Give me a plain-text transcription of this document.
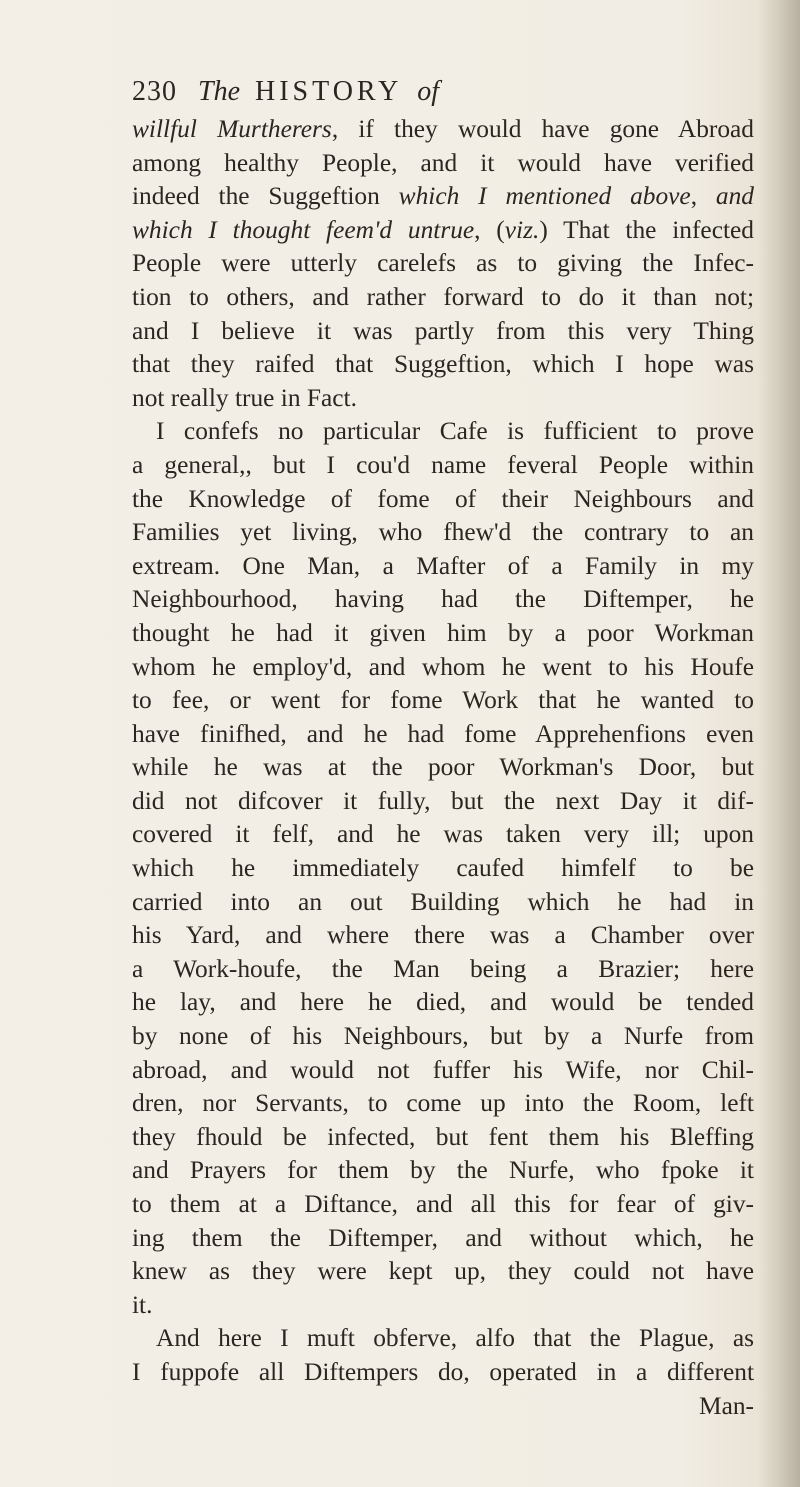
230 The HISTORY of
willful Murtherers, if they would have gone Abroad
among healthy People, and it would have verified
indeed the Suggeftion which I mentioned above, and
which I thought feem'd untrue, (viz.) That the infected
People were utterly carelefs as to giving the Infec-
tion to others, and rather forward to do it than not;
and I believe it was partly from this very Thing
that they raifed that Suggeftion, which I hope was
not really true in Fact.
I confefs no particular Cafe is fufficient to prove
a general,, but I cou'd name feveral People within
the Knowledge of fome of their Neighbours and
Families yet living, who fhew'd the contrary to an
extream. One Man, a Mafter of a Family in my
Neighbourhood, having had the Diftemper, he
thought he had it given him by a poor Workman
whom he employ'd, and whom he went to his Houfe
to fee, or went for fome Work that he wanted to
have finifhed, and he had fome Apprehenfions even
while he was at the poor Workman's Door, but
did not difcover it fully, but the next Day it dif-
covered it felf, and he was taken very ill; upon
which he immediately caufed himfelf to be
carried into an out Building which he had in
his Yard, and where there was a Chamber over
a Work-houfe, the Man being a Brazier; here
he lay, and here he died, and would be tended
by none of his Neighbours, but by a Nurfe from
abroad, and would not fuffer his Wife, nor Chil-
dren, nor Servants, to come up into the Room, left
they fhould be infected, but fent them his Bleffing
and Prayers for them by the Nurfe, who fpoke it
to them at a Diftance, and all this for fear of giv-
ing them the Diftemper, and without which, he
knew as they were kept up, they could not have
it.
And here I muft obferve, alfo that the Plague, as
I fuppofe all Diftempers do, operated in a different
Man-
